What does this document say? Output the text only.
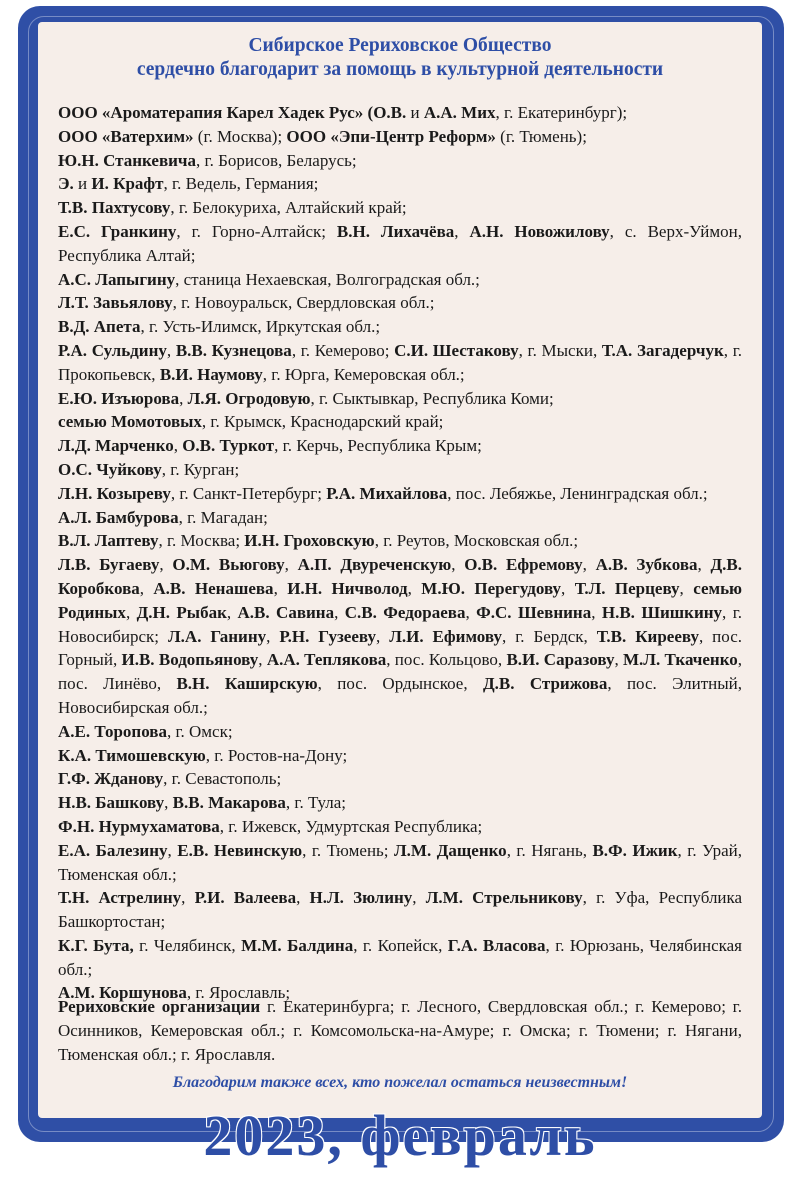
Сибирское Рериховское Общество
сердечно благодарит за помощь в культурной деятельности
ООО «Ароматерапия Карел Хадек Рус» (О.В. и А.А. Мих, г. Екатеринбург);
ООО «Ватерхим» (г. Москва); ООО «Эпи-Центр Реформ» (г. Тюмень);
Ю.Н. Станкевича, г. Борисов, Беларусь;
Э. и И. Крафт, г. Ведель, Германия;
Т.В. Пахтусову, г. Белокуриха, Алтайский край;
Е.С. Гранкину, г. Горно-Алтайск; В.Н. Лихачёва, А.Н. Новожилову, с. Верх-Уймон, Республика Алтай;
А.С. Лапыгину, станица Нехаевская, Волгоградская обл.;
Л.Т. Завьялову, г. Новоуральск, Свердловская обл.;
В.Д. Апета, г. Усть-Илимск, Иркутская обл.;
Р.А. Сульдину, В.В. Кузнецова, г. Кемерово; С.И. Шестакову, г. Мыски, Т.А. Загадерчук, г. Прокопьевск, В.И. Наумову, г. Юрга, Кемеровская обл.;
Е.Ю. Изъюрова, Л.Я. Огродовую, г. Сыктывкар, Республика Коми;
семью Момотовых, г. Крымск, Краснодарский край;
Л.Д. Марченко, О.В. Туркот, г. Керчь, Республика Крым;
О.С. Чуйкову, г. Курган;
Л.Н. Козыреву, г. Санкт-Петербург; Р.А. Михайлова, пос. Лебяжье, Ленинградская обл.;
А.Л. Бамбурова, г. Магадан;
В.Л. Лаптеву, г. Москва; И.Н. Гроховскую, г. Реутов, Московская обл.;
Л.В. Бугаеву, О.М. Вьюгову, А.П. Двуреченскую, О.В. Ефремову, А.В. Зубкова, Д.В. Коробкова, А.В. Ненашева, И.Н. Ничволод, М.Ю. Перегудову, Т.Л. Перцеву, семью Родиных, Д.Н. Рыбак, А.В. Савина, С.В. Федораева, Ф.С. Шевнина, Н.В. Шишкину, г. Новосибирск; Л.А. Ганину, Р.Н. Гузееву, Л.И. Ефимову, г. Бердск, Т.В. Кирееву, пос. Горный, И.В. Водопьянову, А.А. Теплякова, пос. Кольцово, В.И. Саразову, М.Л. Ткаченко, пос. Линёво, В.Н. Каширскую, пос. Ордынское, Д.В. Стрижова, пос. Элитный, Новосибирская обл.;
А.Е. Торопова, г. Омск;
К.А. Тимошевскую, г. Ростов-на-Дону;
Г.Ф. Жданову, г. Севастополь;
Н.В. Башкову, В.В. Макарова, г. Тула;
Ф.Н. Нурмухаматова, г. Ижевск, Удмуртская Республика;
Е.А. Балезину, Е.В. Невинскую, г. Тюмень; Л.М. Дащенко, г. Нягань, В.Ф. Ижик, г. Урай, Тюменская обл.;
Т.Н. Астрелину, Р.И. Валеева, Н.Л. Зюлину, Л.М. Стрельникову, г. Уфа, Республика Башкортостан;
К.Г. Бута, г. Челябинск, М.М. Балдина, г. Копейск, Г.А. Власова, г. Юрюзань, Челябинская обл.;
А.М. Коршунова, г. Ярославль;
Рериховские организации г. Екатеринбурга; г. Лесного, Свердловская обл.; г. Кемерово; г. Осинников, Кемеровская обл.; г. Комсомольска-на-Амуре; г. Омска; г. Тюмени; г. Нягани, Тюменская обл.; г. Ярославля.
Благодарим также всех, кто пожелал остаться неизвестным!
2023, февраль
